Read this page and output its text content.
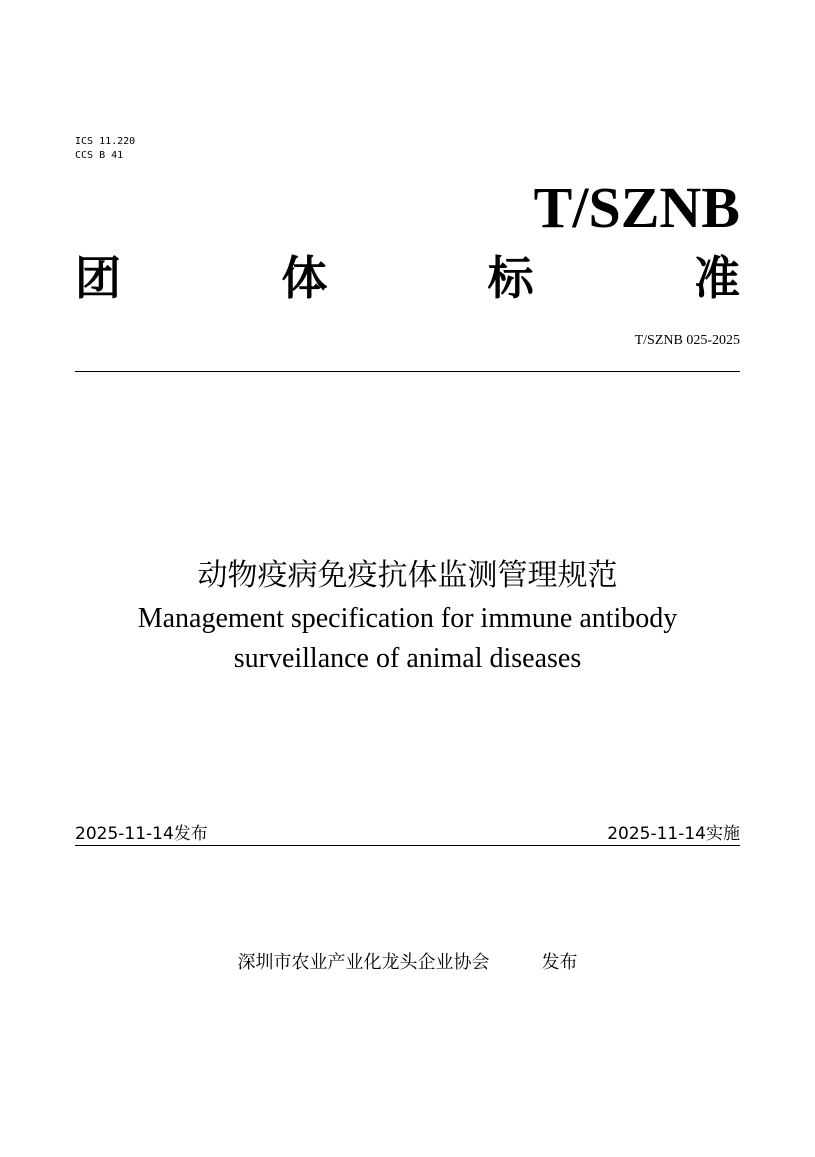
ICS 11.220
CCS B 41
T/SZNB
团	体	标	准
T/SZNB 025-2025
动物疫病免疫抗体监测管理规范
Management specification for immune antibody
surveillance of animal diseases
2025-11-14发布	2025-11-14实施
深圳市农业产业化龙头企业协会	发布
